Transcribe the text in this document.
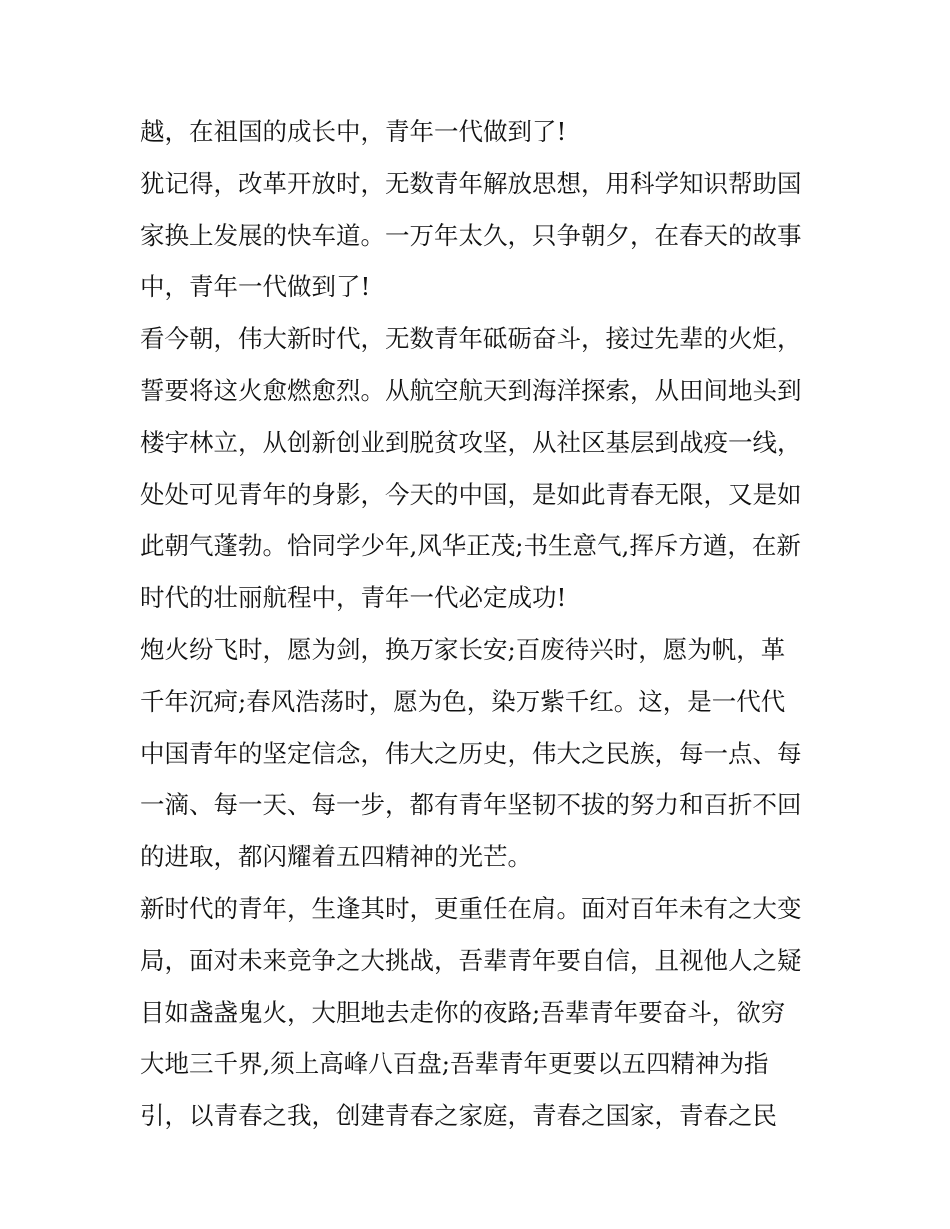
越，在祖国的成长中，青年一代做到了!
犹记得，改革开放时，无数青年解放思想，用科学知识帮助国
家换上发展的快车道。一万年太久，只争朝夕，在春天的故事
中，青年一代做到了!
看今朝，伟大新时代，无数青年砥砺奋斗，接过先辈的火炬，
誓要将这火愈燃愈烈。从航空航天到海洋探索，从田间地头到
楼宇林立，从创新创业到脱贫攻坚，从社区基层到战疫一线，
处处可见青年的身影，今天的中国，是如此青春无限，又是如
此朝气蓬勃。恰同学少年,风华正茂;书生意气,挥斥方遒，在新
时代的壮丽航程中，青年一代必定成功!
炮火纷飞时，愿为剑，换万家长安;百废待兴时，愿为帆，革
千年沉疴;春风浩荡时，愿为色，染万紫千红。这，是一代代
中国青年的坚定信念，伟大之历史，伟大之民族，每一点、每
一滴、每一天、每一步，都有青年坚韧不拔的努力和百折不回
的进取，都闪耀着五四精神的光芒。
新时代的青年，生逢其时，更重任在肩。面对百年未有之大变
局，面对未来竞争之大挑战，吾辈青年要自信，且视他人之疑
目如盏盏鬼火，大胆地去走你的夜路;吾辈青年要奋斗，欲穷
大地三千界,须上高峰八百盘;吾辈青年更要以五四精神为指
引，以青春之我，创建青春之家庭，青春之国家，青春之民
